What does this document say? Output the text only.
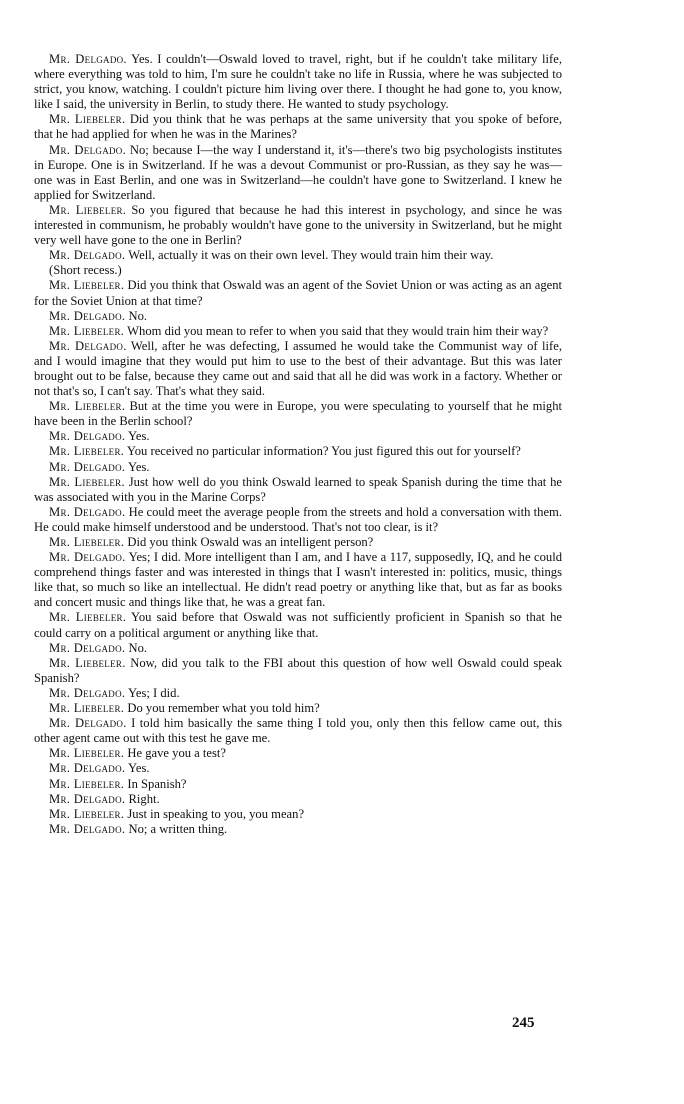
Mr. Delgado. Yes. I couldn't—Oswald loved to travel, right, but if he couldn't take military life, where everything was told to him, I'm sure he couldn't take no life in Russia, where he was subjected to strict, you know, watching. I couldn't picture him living over there. I thought he had gone to, you know, like I said, the university in Berlin, to study there. He wanted to study psychology.

Mr. Liebeler. Did you think that he was perhaps at the same university that you spoke of before, that he had applied for when he was in the Marines?

Mr. Delgado. No; because I—the way I understand it, it's—there's two big psychologists institutes in Europe. One is in Switzerland. If he was a devout Communist or pro-Russian, as they say he was—one was in East Berlin, and one was in Switzerland—he couldn't have gone to Switzerland. I knew he applied for Switzerland.

Mr. Liebeler. So you figured that because he had this interest in psychology, and since he was interested in communism, he probably wouldn't have gone to the university in Switzerland, but he might very well have gone to the one in Berlin?

Mr. Delgado. Well, actually it was on their own level. They would train him their way.

(Short recess.)

Mr. Liebeler. Did you think that Oswald was an agent of the Soviet Union or was acting as an agent for the Soviet Union at that time?

Mr. Delgado. No.

Mr. Liebeler. Whom did you mean to refer to when you said that they would train him their way?

Mr. Delgado. Well, after he was defecting, I assumed he would take the Communist way of life, and I would imagine that they would put him to use to the best of their advantage. But this was later brought out to be false, because they came out and said that all he did was work in a factory. Whether or not that's so, I can't say. That's what they said.

Mr. Liebeler. But at the time you were in Europe, you were speculating to yourself that he might have been in the Berlin school?

Mr. Delgado. Yes.

Mr. Liebeler. You received no particular information? You just figured this out for yourself?

Mr. Delgado. Yes.

Mr. Liebeler. Just how well do you think Oswald learned to speak Spanish during the time that he was associated with you in the Marine Corps?

Mr. Delgado. He could meet the average people from the streets and hold a conversation with them. He could make himself understood and be understood. That's not too clear, is it?

Mr. Liebeler. Did you think Oswald was an intelligent person?

Mr. Delgado. Yes; I did. More intelligent than I am, and I have a 117, supposedly, IQ, and he could comprehend things faster and was interested in things that I wasn't interested in: politics, music, things like that, so much so like an intellectual. He didn't read poetry or anything like that, but as far as books and concert music and things like that, he was a great fan.

Mr. Liebeler. You said before that Oswald was not sufficiently proficient in Spanish so that he could carry on a political argument or anything like that.

Mr. Delgado. No.

Mr. Liebeler. Now, did you talk to the FBI about this question of how well Oswald could speak Spanish?

Mr. Delgado. Yes; I did.

Mr. Liebeler. Do you remember what you told him?

Mr. Delgado. I told him basically the same thing I told you, only then this fellow came out, this other agent came out with this test he gave me.

Mr. Liebeler. He gave you a test?

Mr. Delgado. Yes.

Mr. Liebeler. In Spanish?

Mr. Delgado. Right.

Mr. Liebeler. Just in speaking to you, you mean?

Mr. Delgado. No; a written thing.

245
